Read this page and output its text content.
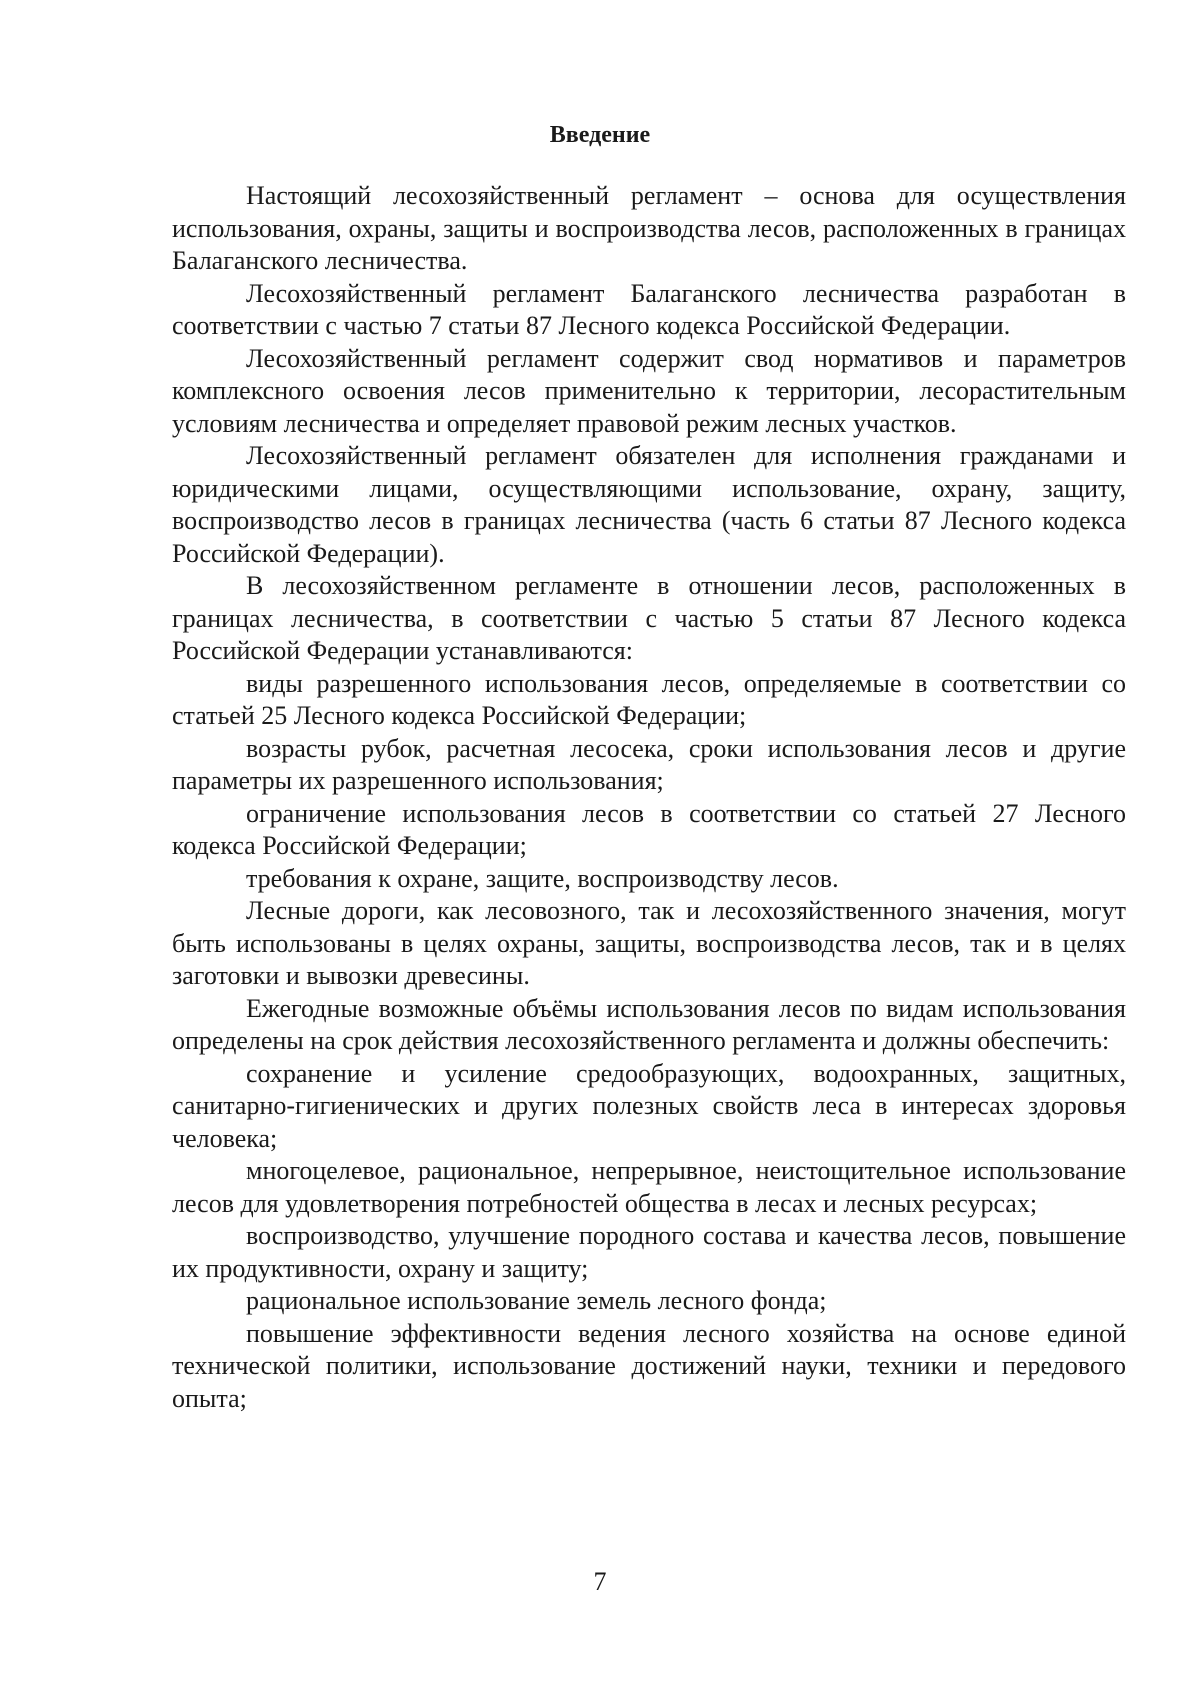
Введение

Настоящий лесохозяйственный регламент – основа для осуществления использования, охраны, защиты и воспроизводства лесов, расположенных в границах Балаганского лесничества.

Лесохозяйственный регламент Балаганского лесничества разработан в соответствии с частью 7 статьи 87 Лесного кодекса Российской Федерации.

Лесохозяйственный регламент содержит свод нормативов и параметров комплексного освоения лесов применительно к территории, лесорастительным условиям лесничества и определяет правовой режим лесных участков.

Лесохозяйственный регламент обязателен для исполнения гражданами и юридическими лицами, осуществляющими использование, охрану, защиту, воспроизводство лесов в границах лесничества (часть 6 статьи 87 Лесного кодекса Российской Федерации).

В лесохозяйственном регламенте в отношении лесов, расположенных в границах лесничества, в соответствии с частью 5 статьи 87 Лесного кодекса Российской Федерации устанавливаются:

виды разрешенного использования лесов, определяемые в соответствии со статьей 25 Лесного кодекса Российской Федерации;

возрасты рубок, расчетная лесосека, сроки использования лесов и другие параметры их разрешенного использования;

ограничение использования лесов в соответствии со статьей 27 Лесного кодекса Российской Федерации;

требования к охране, защите, воспроизводству лесов.

Лесные дороги, как лесовозного, так и лесохозяйственного значения, могут быть использованы в целях охраны, защиты, воспроизводства лесов, так и в целях заготовки и вывозки древесины.

Ежегодные возможные объёмы использования лесов по видам использования определены на срок действия лесохозяйственного регламента и должны обеспечить:

сохранение и усиление средообразующих, водоохранных, защитных, санитарно-гигиенических и других полезных свойств леса в интересах здоровья человека;

многоцелевое, рациональное, непрерывное, неистощительное использование лесов для удовлетворения потребностей общества в лесах и лесных ресурсах;

воспроизводство, улучшение породного состава и качества лесов, повышение их продуктивности, охрану и защиту;

рациональное использование земель лесного фонда;

повышение эффективности ведения лесного хозяйства на основе единой технической политики, использование достижений науки, техники и передового опыта;

7
